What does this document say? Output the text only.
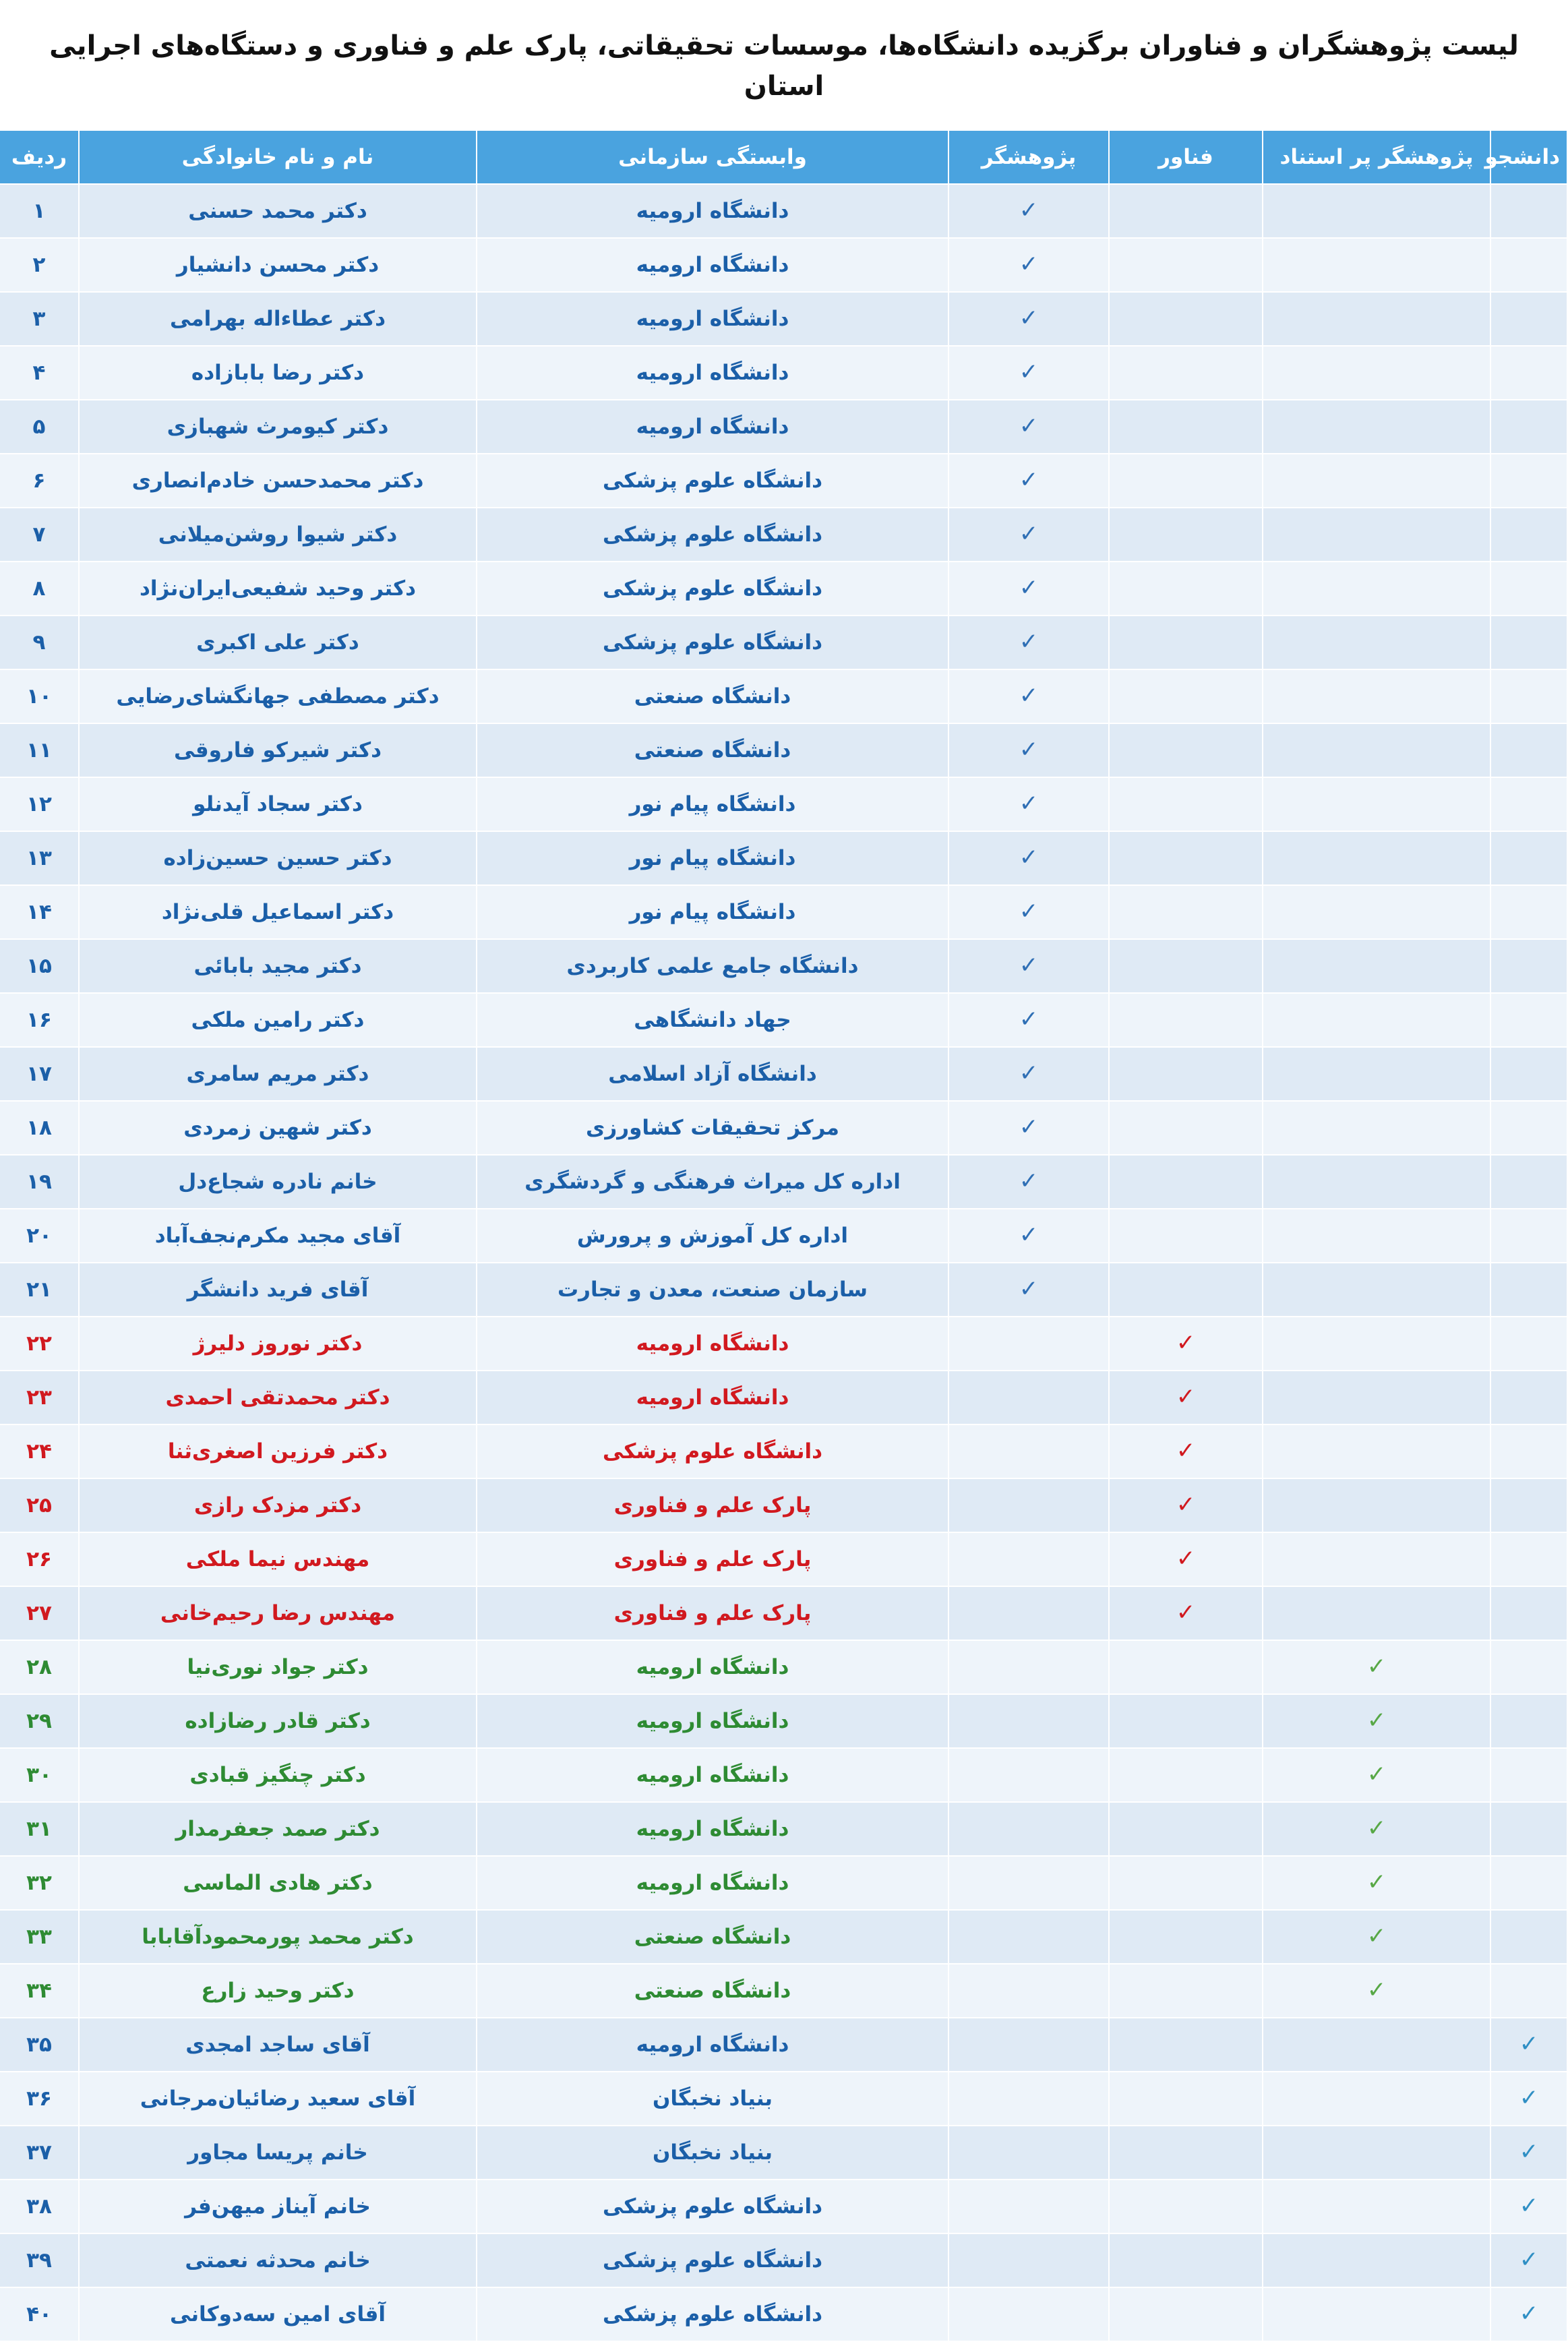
لیست پژوهشگران و فناوران برگزیده دانشگاه‌ها، موسسات تحقیقاتی، پارک علم و فناوری و دستگاه‌های اجرایی استان
دانشجو	پژوهشگر پر استناد	فناور	پژوهشگر	وابستگی سازمانی	نام و نام خانوادگی	ردیف
			✓	دانشگاه ارومیه	دکتر محمد حسنی	۱
			✓	دانشگاه ارومیه	دکتر محسن دانشیار	۲
			✓	دانشگاه ارومیه	دکتر عطاءاله بهرامی	۳
			✓	دانشگاه ارومیه	دکتر رضا بابازاده	۴
			✓	دانشگاه ارومیه	دکتر کیومرث شهبازی	۵
			✓	دانشگاه علوم پزشکی	دکتر محمدحسن خادم‌انصاری	۶
			✓	دانشگاه علوم پزشکی	دکتر شیوا روشن‌میلانی	۷
			✓	دانشگاه علوم پزشکی	دکتر وحید شفیعی‌ایران‌نژاد	۸
			✓	دانشگاه علوم پزشکی	دکتر علی اکبری	۹
			✓	دانشگاه صنعتی	دکتر مصطفی جهانگشای‌رضایی	۱۰
			✓	دانشگاه صنعتی	دکتر شیرکو فاروقی	۱۱
			✓	دانشگاه پیام نور	دکتر سجاد آیدنلو	۱۲
			✓	دانشگاه پیام نور	دکتر حسین حسین‌زاده	۱۳
			✓	دانشگاه پیام نور	دکتر اسماعیل قلی‌نژاد	۱۴
			✓	دانشگاه جامع علمی کاربردی	دکتر مجید بابائی	۱۵
			✓	جهاد دانشگاهی	دکتر رامین ملکی	۱۶
			✓	دانشگاه آزاد اسلامی	دکتر مریم سامری	۱۷
			✓	مرکز تحقیقات کشاورزی	دکتر شهین زمردی	۱۸
			✓	اداره کل میراث فرهنگی و گردشگری	خانم نادره شجاع‌دل	۱۹
			✓	اداره کل آموزش و پرورش	آقای مجید مکرم‌نجف‌آباد	۲۰
			✓	سازمان صنعت، معدن و تجارت	آقای فرید دانشگر	۲۱
		✓		دانشگاه ارومیه	دکتر نوروز دلیرژ	۲۲
		✓		دانشگاه ارومیه	دکتر محمدتقی احمدی	۲۳
		✓		دانشگاه علوم پزشکی	دکتر فرزین اصغری‌ثنا	۲۴
		✓		پارک علم و فناوری	دکتر مزدک رازی	۲۵
		✓		پارک علم و فناوری	مهندس نیما ملکی	۲۶
		✓		پارک علم و فناوری	مهندس رضا رحیم‌خانی	۲۷
	✓			دانشگاه ارومیه	دکتر جواد نوری‌نیا	۲۸
	✓			دانشگاه ارومیه	دکتر قادر رضازاده	۲۹
	✓			دانشگاه ارومیه	دکتر چنگیز قبادی	۳۰
	✓			دانشگاه ارومیه	دکتر صمد جعفرمدار	۳۱
	✓			دانشگاه ارومیه	دکتر هادی الماسی	۳۲
	✓			دانشگاه صنعتی	دکتر محمد پورمحمودآقابابا	۳۳
	✓			دانشگاه صنعتی	دکتر وحید زارع	۳۴
✓				دانشگاه ارومیه	آقای ساجد امجدی	۳۵
✓				بنیاد نخبگان	آقای سعید رضائیان‌مرجانی	۳۶
✓				بنیاد نخبگان	خانم پریسا مجاور	۳۷
✓				دانشگاه علوم پزشکی	خانم آیناز میهن‌فر	۳۸
✓				دانشگاه علوم پزشکی	خانم محدثه نعمتی	۳۹
✓				دانشگاه علوم پزشکی	آقای امین سه‌دوکانی	۴۰
